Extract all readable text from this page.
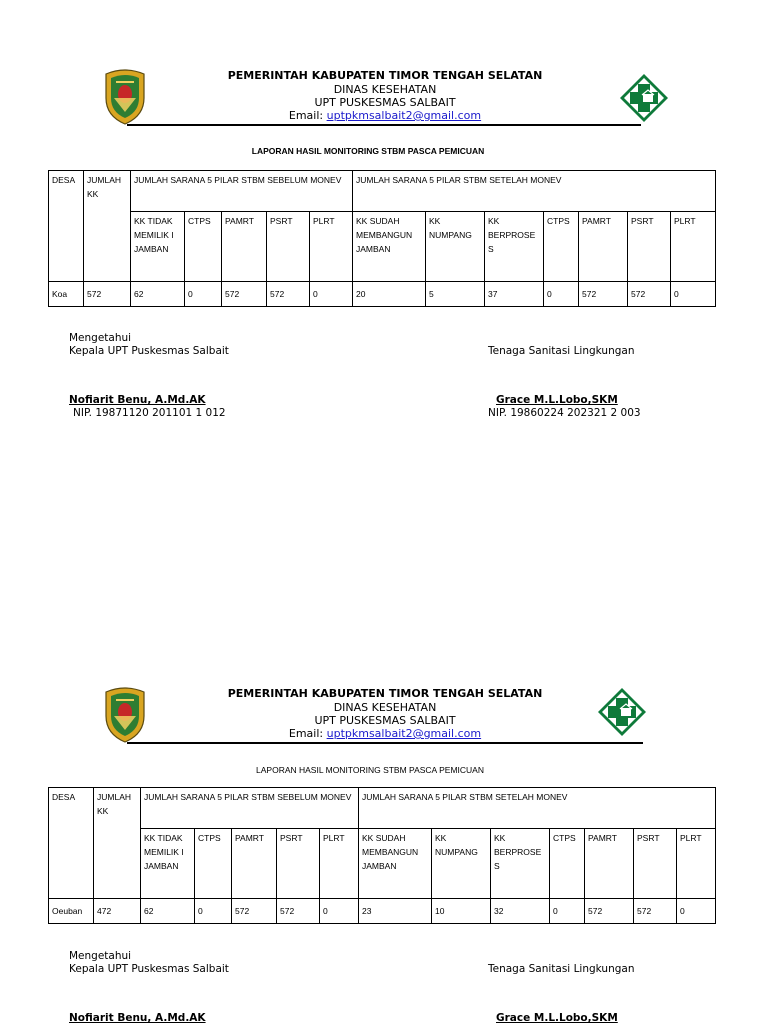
PEMERINTAH KABUPATEN TIMOR TENGAH SELATAN
DINAS KESEHATAN
UPT PUSKESMAS SALBAIT
Email: uptpkmsalbait2@gmail.com
LAPORAN HASIL MONITORING STBM PASCA PEMICUAN
DESA	JUMLAH KK	JUMLAH SARANA 5 PILAR STBM SEBELUM MONEV					JUMLAH SARANA 5 PILAR STBM SETELAH MONEV						
		KK TIDAK MEMILIK I JAMBAN	CTPS	PAMRT	PSRT	PLRT	KK SUDAH MEMBANGUN JAMBAN	KK NUMPANG	KK BERPROSE S	CTPS	PAMRT	PSRT	PLRT
Koa	572	62	0	572	572	0	20	5	37	0	572	572	0
Mengetahui
Kepala UPT Puskesmas Salbait	Tenaga Sanitasi Lingkungan
Nofiarit Benu, A.Md.AK
NIP. 19871120 201101 1 012
Grace M.L.Lobo,SKM
NIP. 19860224 202321 2 003
PEMERINTAH KABUPATEN TIMOR TENGAH SELATAN
DINAS KESEHATAN
UPT PUSKESMAS SALBAIT
Email: uptpkmsalbait2@gmail.com
LAPORAN HASIL MONITORING STBM PASCA PEMICUAN
DESA	JUMLAH KK	JUMLAH SARANA 5 PILAR STBM SEBELUM MONEV					JUMLAH SARANA 5 PILAR STBM SETELAH MONEV						
		KK TIDAK MEMILIK I JAMBAN	CTPS	PAMRT	PSRT	PLRT	KK SUDAH MEMBANGUN JAMBAN	KK NUMPANG	KK BERPROSE S	CTPS	PAMRT	PSRT	PLRT
Oeuban	472	62	0	572	572	0	23	10	32	0	572	572	0
Mengetahui
Kepala UPT Puskesmas Salbait	Tenaga Sanitasi Lingkungan
Nofiarit Benu, A.Md.AK	Grace M.L.Lobo,SKM
